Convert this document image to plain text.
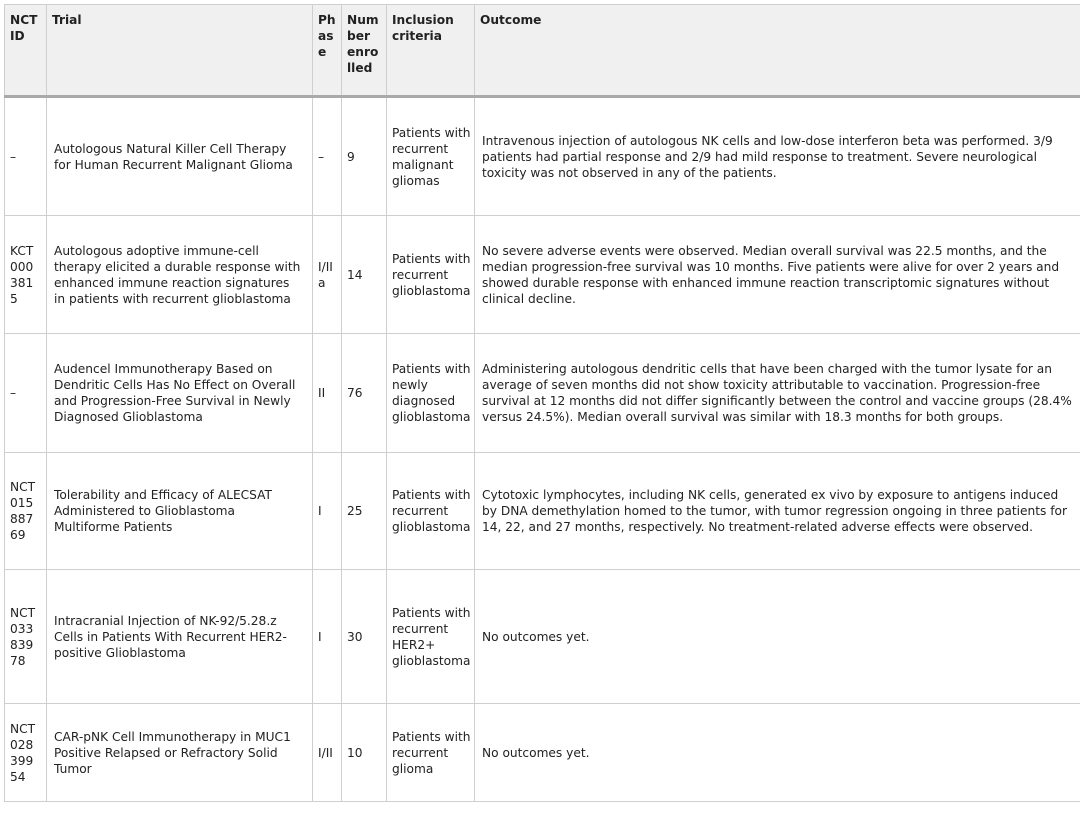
NCT ID	Trial	Phase	Number enrolled	Inclusion criteria	Outcome
–	Autologous Natural Killer Cell Therapy for Human Recurrent Malignant Glioma	–	9	Patients with recurrent malignant gliomas	Intravenous injection of autologous NK cells and low-dose interferon beta was performed. 3/9 patients had partial response and 2/9 had mild response to treatment. Severe neurological toxicity was not observed in any of the patients.
KCT0003815	Autologous adoptive immune-cell therapy elicited a durable response with enhanced immune reaction signatures in patients with recurrent glioblastoma	I/IIa	14	Patients with recurrent glioblastoma	No severe adverse events were observed. Median overall survival was 22.5 months, and the median progression-free survival was 10 months. Five patients were alive for over 2 years and showed durable response with enhanced immune reaction transcriptomic signatures without clinical decline.
–	Audencel Immunotherapy Based on Dendritic Cells Has No Effect on Overall and Progression-Free Survival in Newly Diagnosed Glioblastoma	II	76	Patients with newly diagnosed glioblastoma	Administering autologous dendritic cells that have been charged with the tumor lysate for an average of seven months did not show toxicity attributable to vaccination. Progression-free survival at 12 months did not differ significantly between the control and vaccine groups (28.4% versus 24.5%). Median overall survival was similar with 18.3 months for both groups.
NCT01588769	Tolerability and Efficacy of ALECSAT Administered to Glioblastoma Multiforme Patients	I	25	Patients with recurrent glioblastoma	Cytotoxic lymphocytes, including NK cells, generated ex vivo by exposure to antigens induced by DNA demethylation homed to the tumor, with tumor regression ongoing in three patients for 14, 22, and 27 months, respectively. No treatment-related adverse effects were observed.
NCT03383978	Intracranial Injection of NK-92/5.28.z Cells in Patients With Recurrent HER2-positive Glioblastoma	I	30	Patients with recurrent HER2+ glioblastoma	No outcomes yet.
NCT02839954	CAR-pNK Cell Immunotherapy in MUC1 Positive Relapsed or Refractory Solid Tumor	I/II	10	Patients with recurrent glioma	No outcomes yet.
